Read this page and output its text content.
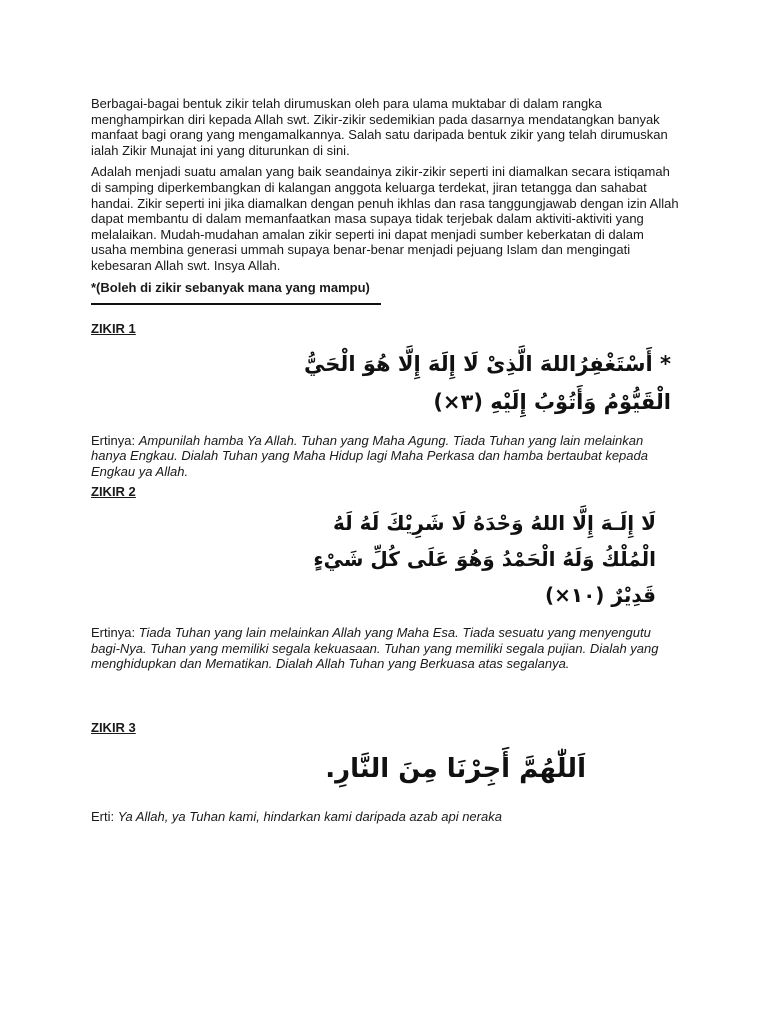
Berbagai-bagai bentuk zikir telah dirumuskan oleh para ulama muktabar di dalam rangka menghampirkan diri kepada Allah swt. Zikir-zikir sedemikian pada dasarnya mendatangkan banyak manfaat bagi orang yang mengamalkannya. Salah satu daripada bentuk zikir yang telah dirumuskan ialah Zikir Munajat ini yang diturunkan di sini.

Adalah menjadi suatu amalan yang baik seandainya zikir-zikir seperti ini diamalkan secara istiqamah di samping diperkembangkan di kalangan anggota keluarga terdekat, jiran tetangga dan sahabat handai. Zikir seperti ini jika diamalkan dengan penuh ikhlas dan rasa tanggungjawab dengan izin Allah dapat membantu di dalam memanfaatkan masa supaya tidak terjebak dalam aktiviti-aktiviti yang melalaikan. Mudah-mudahan amalan zikir seperti ini dapat menjadi sumber keberkatan di dalam usaha membina generasi ummah supaya benar-benar menjadi pejuang Islam dan mengingati kebesaran Allah swt. Insya Allah.

*(Boleh di zikir sebanyak mana yang mampu)

ZIKIR 1

* أَسْتَغْفِرُاللهَ الَّذِىْ لَا إِلَهَ إِلَّا هُوَ الْحَيُّ
الْقَيُّوْمُ وَأَتُوْبُ إِلَيْهِ (٣×)

Ertinya: Ampunilah hamba Ya Allah. Tuhan yang Maha Agung. Tiada Tuhan yang lain melainkan hanya Engkau. Dialah Tuhan yang Maha Hidup lagi Maha Perkasa dan hamba bertaubat kepada Engkau ya Allah.

ZIKIR 2

لَا إِلَـهَ إِلَّا اللهُ وَحْدَهُ لَا شَرِيْكَ لَهُ لَهُ
الْمُلْكُ وَلَهُ الْحَمْدُ وَهُوَ عَلَى كُلِّ شَيْءٍ
قَدِيْرٌ (١٠×)

Ertinya: Tiada Tuhan yang lain melainkan Allah yang Maha Esa. Tiada sesuatu yang menyengutu bagi-Nya. Tuhan yang memiliki segala kekuasaan. Tuhan yang memiliki segala pujian. Dialah yang menghidupkan dan Mematikan. Dialah Allah Tuhan yang Berkuasa atas segalanya.

ZIKIR 3

اَللّٰهُمَّ أَجِرْنَا مِنَ النَّارِ.

Erti: Ya Allah, ya Tuhan kami, hindarkan kami daripada azab api neraka
